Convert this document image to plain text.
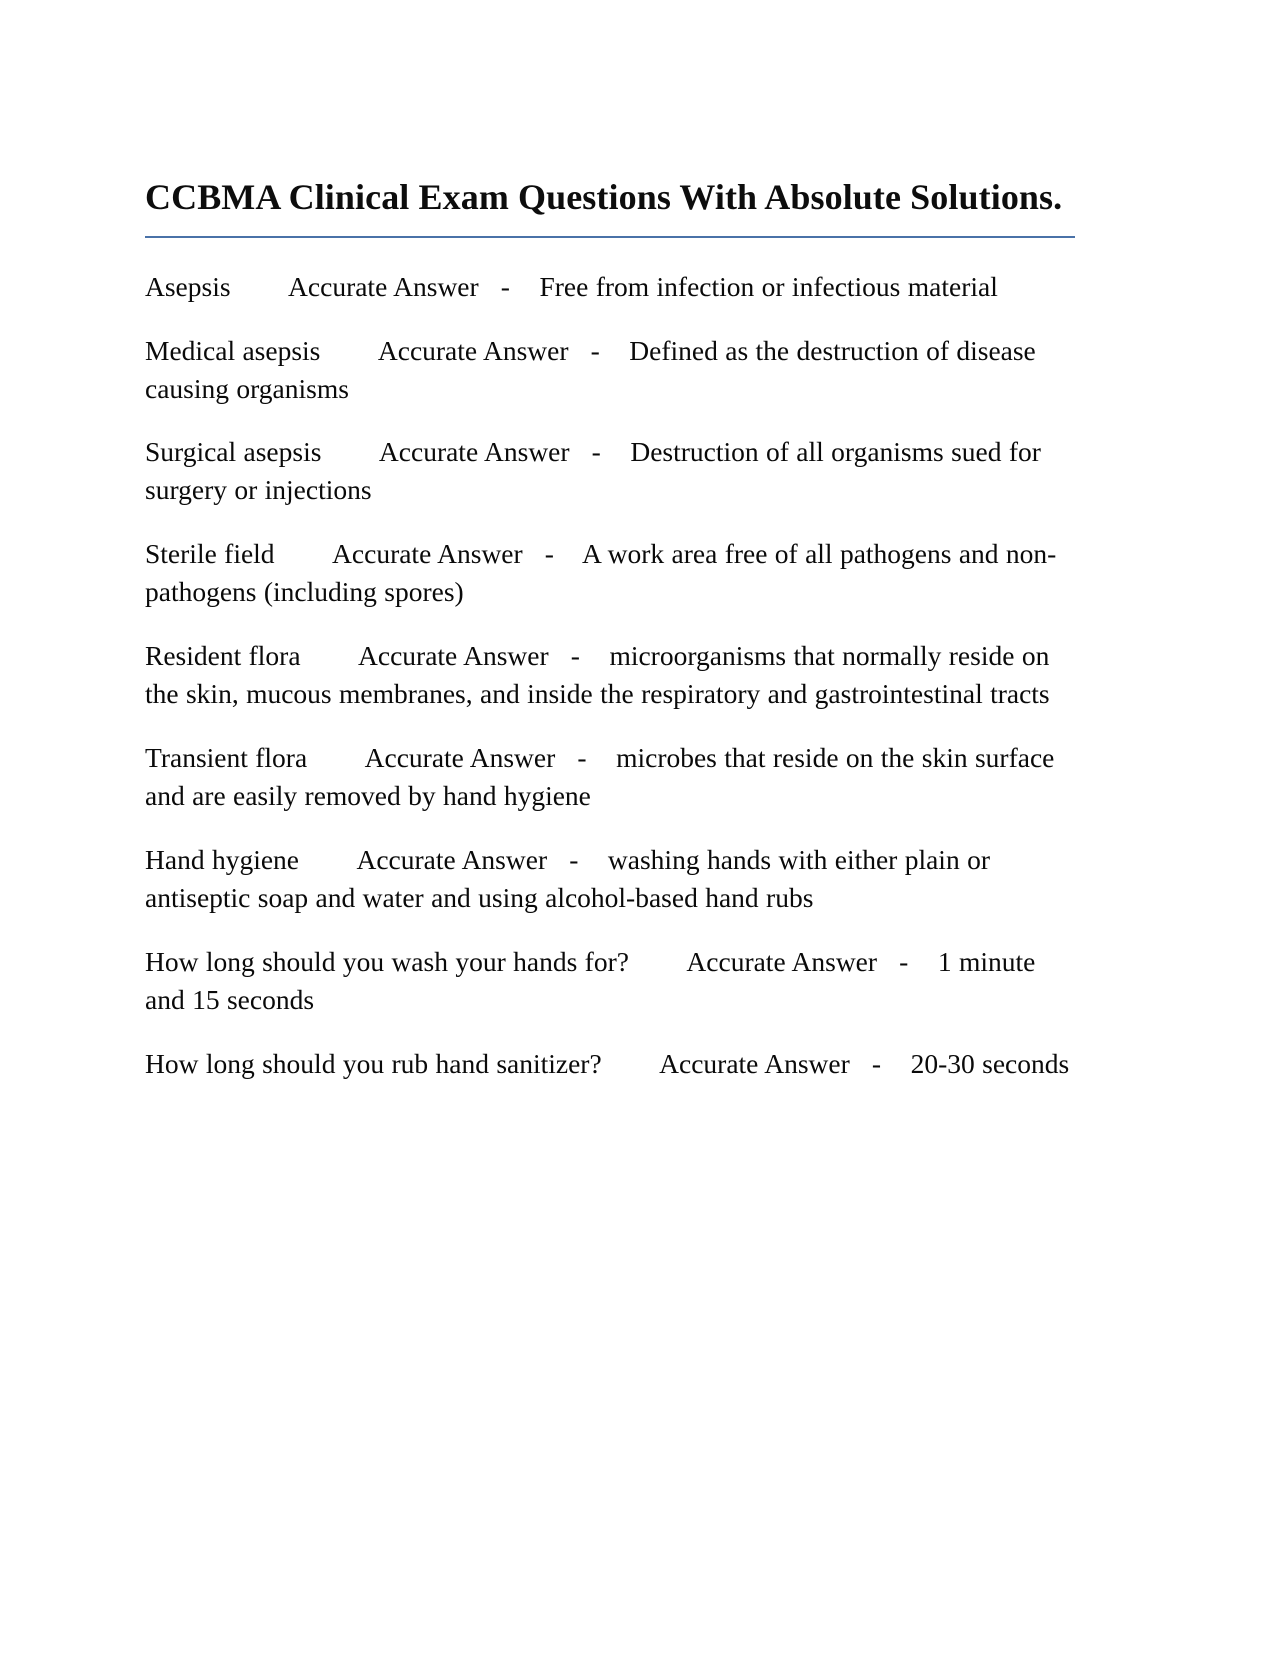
CCBMA Clinical Exam Questions With Absolute Solutions.

Asepsis Accurate Answer   -    Free from infection or infectious material

Medical asepsis Accurate Answer   -    Defined as the destruction of disease causing organisms

Surgical asepsis Accurate Answer   -    Destruction of all organisms sued for surgery or injections

Sterile field Accurate Answer   -    A work area free of all pathogens and non-pathogens (including spores)

Resident flora Accurate Answer   -    microorganisms that normally reside on the skin, mucous membranes, and inside the respiratory and gastrointestinal tracts

Transient flora Accurate Answer   -    microbes that reside on the skin surface and are easily removed by hand hygiene

Hand hygiene Accurate Answer   -    washing hands with either plain or antiseptic soap and water and using alcohol-based hand rubs

How long should you wash your hands for? Accurate Answer   -    1 minute and 15 seconds

How long should you rub hand sanitizer? Accurate Answer   -    20-30 seconds
